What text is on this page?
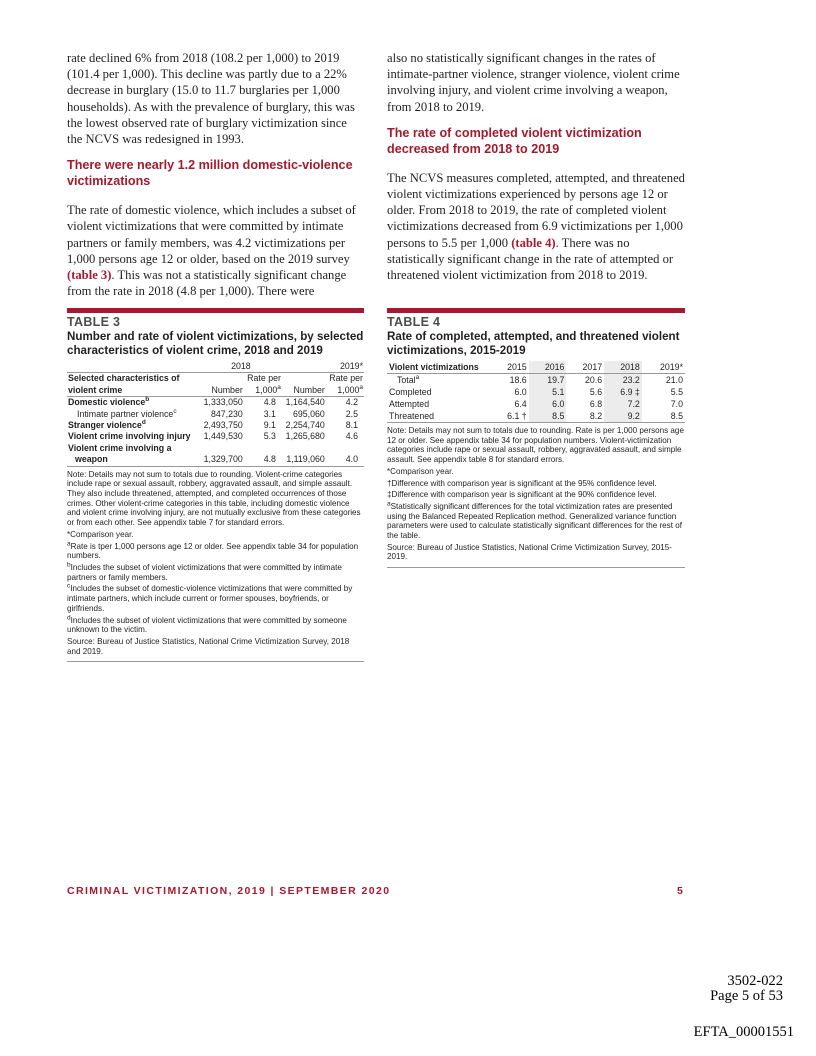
rate declined 6% from 2018 (108.2 per 1,000) to 2019 (101.4 per 1,000). This decline was partly due to a 22% decrease in burglary (15.0 to 11.7 burglaries per 1,000 households). As with the prevalence of burglary, this was the lowest observed rate of burglary victimization since the NCVS was redesigned in 1993.

There were nearly 1.2 million domestic-violence victimizations

The rate of domestic violence, which includes a subset of violent victimizations that were committed by intimate partners or family members, was 4.2 victimizations per 1,000 persons age 12 or older, based on the 2019 survey (table 3). This was not a statistically significant change from the rate in 2018 (4.8 per 1,000). There were

also no statistically significant changes in the rates of intimate-partner violence, stranger violence, violent crime involving injury, and violent crime involving a weapon, from 2018 to 2019.

The rate of completed violent victimization decreased from 2018 to 2019

The NCVS measures completed, attempted, and threatened violent victimizations experienced by persons age 12 or older. From 2018 to 2019, the rate of completed violent victimizations decreased from 6.9 victimizations per 1,000 persons to 5.5 per 1,000 (table 4). There was no statistically significant change in the rate of attempted or threatened violent victimization from 2018 to 2019.

TABLE 3
Number and rate of violent victimizations, by selected characteristics of violent crime, 2018 and 2019
	2018		2019*	
Selected characteristics of		Rate per		Rate per
violent crime	Number	1,000$^a$	Number	1,000$^a$
Domestic violence$^b$	1,333,050	4.8	1,164,540	4.2
Intimate partner violence$^c$	847,230	3.1	695,060	2.5
Stranger violence$^d$	2,493,750	9.1	2,254,740	8.1
Violent crime involving injury	1,449,530	5.3	1,265,680	4.6
Violent crime involving a				
weapon	1,329,700	4.8	1,119,060	4.0

Note: Details may not sum to totals due to rounding. Violent-crime categories include rape or sexual assault, robbery, aggravated assault, and simple assault. They also include threatened, attempted, and completed occurrences of those crimes. Other violent-crime categories in this table, including domestic violence and violent crime involving injury, are not mutually exclusive from these categories or from each other. See appendix table 7 for standard errors.

*Comparison year.

$^a$Rate is tper 1,000 persons age 12 or older. See appendix table 34 for population numbers.

$^b$Includes the subset of violent victimizations that were committed by intimate partners or family members.

$^c$Includes the subset of domestic-violence victimizations that were committed by intimate partners, which include current or former spouses, boyfriends, or girlfriends.

$^d$Includes the subset of violent victimizations that were committed by someone unknown to the victim.

Source: Bureau of Justice Statistics, National Crime Victimization Survey, 2018 and 2019.

TABLE 4
Rate of completed, attempted, and threatened violent victimizations, 2015-2019
Violent victimizations	2015	2016	2017	2018	2019*
Total$^a$	18.6	19.7	20.6	23.2	21.0
Completed	6.0	5.1	5.6	6.9 ‡	5.5
Attempted	6.4	6.0	6.8	7.2	7.0
Threatened	6.1 †	8.5	8.2	9.2	8.5

Note: Details may not sum to totals due to rounding. Rate is per 1,000 persons age 12 or older. See appendix table 34 for population numbers. Violent-victimization categories include rape or sexual assault, robbery, aggravated assault, and simple assault. See appendix table 8 for standard errors.

*Comparison year.

†Difference with comparison year is significant at the 95% confidence level.

‡Difference with comparison year is significant at the 90% confidence level.

$^a$Statistically significant differences for the total victimization rates are presented using the Balanced Repeated Replication method. Generalized variance function parameters were used to calculate statistically significant differences for the rest of the table.

Source: Bureau of Justice Statistics, National Crime Victimization Survey, 2015-2019.

CRIMINAL VICTIMIZATION, 2019 | SEPTEMBER 2020	5
3502-022
Page 5 of 53
EFTA_00001551
